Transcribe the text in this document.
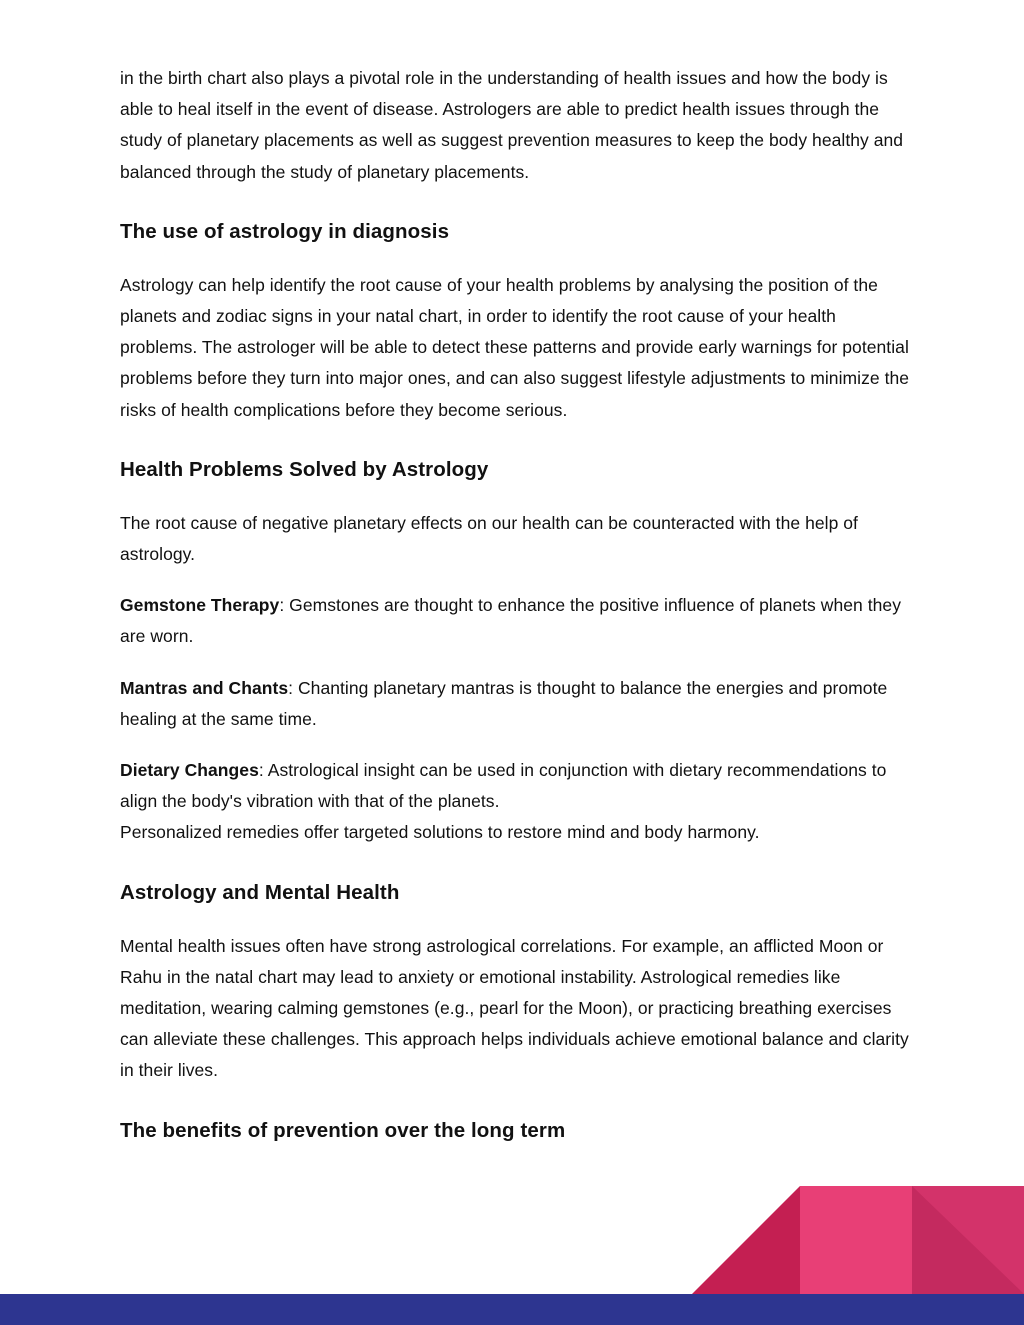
in the birth chart also plays a pivotal role in the understanding of health issues and how the body is able to heal itself in the event of disease. Astrologers are able to predict health issues through the study of planetary placements as well as suggest prevention measures to keep the body healthy and balanced through the study of planetary placements.

The use of astrology in diagnosis

Astrology can help identify the root cause of your health problems by analysing the position of the planets and zodiac signs in your natal chart, in order to identify the root cause of your health problems. The astrologer will be able to detect these patterns and provide early warnings for potential problems before they turn into major ones, and can also suggest lifestyle adjustments to minimize the risks of health complications before they become serious.

Health Problems Solved by Astrology

The root cause of negative planetary effects on our health can be counteracted with the help of astrology.

Gemstone Therapy: Gemstones are thought to enhance the positive influence of planets when they are worn.

Mantras and Chants: Chanting planetary mantras is thought to balance the energies and promote healing at the same time.

Dietary Changes: Astrological insight can be used in conjunction with dietary recommendations to align the body's vibration with that of the planets.

Personalized remedies offer targeted solutions to restore mind and body harmony.

Astrology and Mental Health

Mental health issues often have strong astrological correlations. For example, an afflicted Moon or Rahu in the natal chart may lead to anxiety or emotional instability. Astrological remedies like meditation, wearing calming gemstones (e.g., pearl for the Moon), or practicing breathing exercises can alleviate these challenges. This approach helps individuals achieve emotional balance and clarity in their lives.

The benefits of prevention over the long term
